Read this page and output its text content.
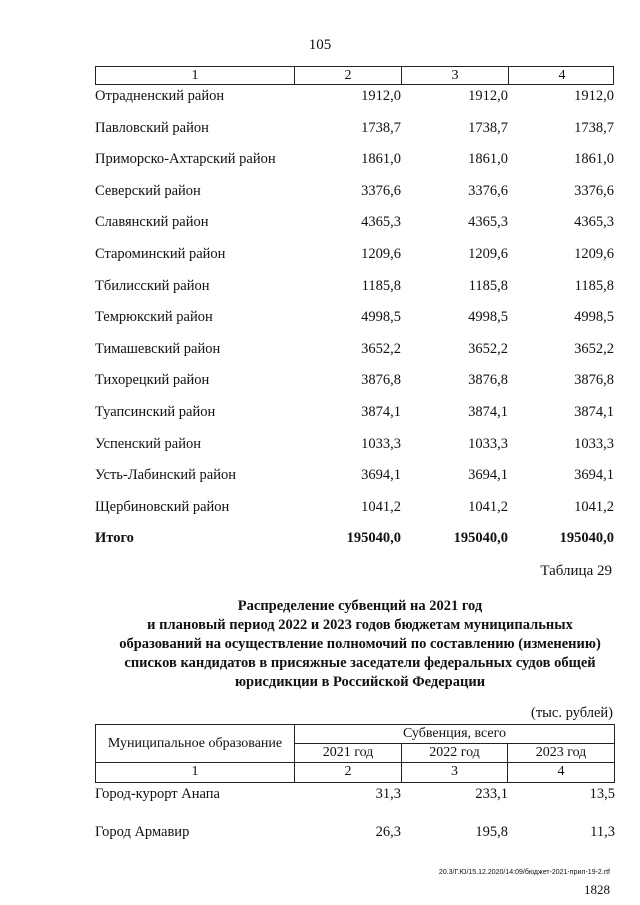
105
1	2	3	4
Отрадненский район	1912,0	1912,0	1912,0
Павловский район	1738,7	1738,7	1738,7
Приморско-Ахтарский район	1861,0	1861,0	1861,0
Северский район	3376,6	3376,6	3376,6
Славянский район	4365,3	4365,3	4365,3
Староминский район	1209,6	1209,6	1209,6
Тбилисский район	1185,8	1185,8	1185,8
Темрюкский район	4998,5	4998,5	4998,5
Тимашевский район	3652,2	3652,2	3652,2
Тихорецкий район	3876,8	3876,8	3876,8
Туапсинский район	3874,1	3874,1	3874,1
Успенский район	1033,3	1033,3	1033,3
Усть-Лабинский район	3694,1	3694,1	3694,1
Щербиновский район	1041,2	1041,2	1041,2
Итого	195040,0	195040,0	195040,0
Таблица 29
Распределение субвенций на 2021 год
и плановый период 2022 и 2023 годов бюджетам муниципальных
образований на осуществление полномочий по составлению (изменению)
списков кандидатов в присяжные заседатели федеральных судов общей
юрисдикции в Российской Федерации
(тыс. рублей)
Муниципальное образование
Субвенция, всего
2021 год	2022 год	2023 год
1	2	3	4
Город-курорт Анапа	31,3	233,1	13,5
Город Армавир	26,3	195,8	11,3
20.3/Г.Ю/15.12.2020/14:09/бюджет-2021-прил-19-2.rtf
1828
